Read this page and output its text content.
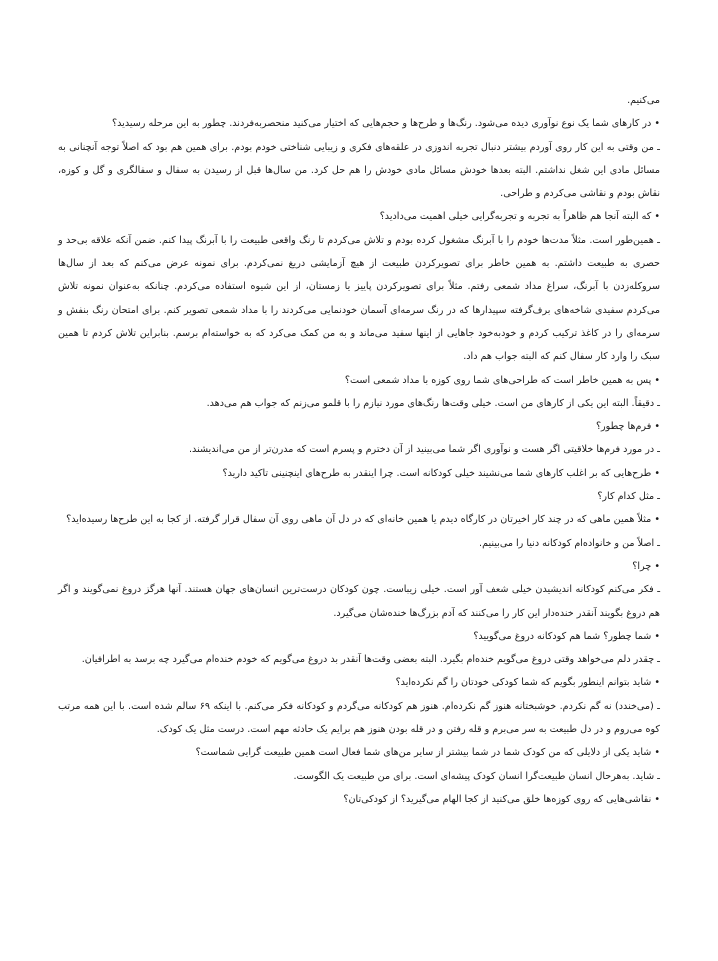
می‌کنیم.

• در کارهای شما یک نوع نوآوری دیده می‌شود. رنگ‌ها و طرح‌ها و حجم‌هایی که اختیار می‌کنید منحصربه‌فردند. چطور به این مرحله رسیدید؟

ـ من وقتی به این کار روی آوردم بیشتر دنبال تجربه اندوزی در علقه‌های فکری و زیبایی شناختی خودم بودم. برای همین هم بود که اصلاً توجه آنچنانی به مسائل مادی این شغل نداشتم. البته بعدها خودش مسائل مادی خودش را هم حل کرد. من سال‌ها قبل از رسیدن به سفال و سفالگری و گل و کوزه، نقاش بودم و نقاشی می‌کردم و طراحی.

• که البته آنجا هم ظاهراً به تجربه و تجربه‌گرایی خیلی اهمیت می‌دادید؟

ـ همین‌طور است. مثلاً مدت‌ها خودم را با آبرنگ مشغول کرده بودم و تلاش می‌کردم تا رنگ واقعی طبیعت را با آبرنگ پیدا کنم. ضمن آنکه علاقه بی‌حد و حصری به طبیعت داشتم. به همین خاطر برای تصویرکردن طبیعت از هیچ آزمایشی دریغ نمی‌کردم. برای نمونه عرض می‌کنم که بعد از سال‌ها سروکله‌زدن با آبرنگ، سراغ مداد شمعی رفتم. مثلاً برای تصویرکردن پاییز یا زمستان، از این شیوه استفاده می‌کردم. چنانکه به‌عنوان نمونه تلاش می‌کردم سفیدی شاخه‌های برف‌گرفته سپیدارها که در رنگ سرمه‌ای آسمان خودنمایی می‌کردند را با مداد شمعی تصویر کنم. برای امتحان رنگ بنفش و سرمه‌ای را در کاغذ ترکیب کردم و خودبه‌خود جاهایی از اینها سفید می‌ماند و به من کمک می‌کرد که به خواسته‌ام برسم. بنابراین تلاش کردم تا همین سبک را وارد کار سفال کنم که البته جواب هم داد.

• پس به همین خاطر است که طراحی‌های شما روی کوزه با مداد شمعی است؟

ـ دقیقاً. البته این یکی از کارهای من است. خیلی وقت‌ها رنگ‌های مورد نیازم را با قلمو می‌زنم که جواب هم می‌دهد.

• فرم‌ها چطور؟

ـ در مورد فرم‌ها خلاقیتی اگر هست و نوآوری اگر شما می‌بینید از آن دخترم و پسرم است که مدرن‌تر از من می‌اندیشند.

• طرح‌هایی که بر اغلب کارهای شما می‌نشیند خیلی کودکانه است. چرا اینقدر به طرح‌های اینچنینی تاکید دارید؟

ـ مثل کدام کار؟

• مثلاً همین ماهی که در چند کار اخیرتان در کارگاه دیدم یا همین خانه‌ای که در دل آن ماهی روی آن سفال قرار گرفته. از کجا به این طرح‌ها رسیده‌اید؟

ـ اصلاً من و خانواده‌ام کودکانه دنیا را می‌بینیم.

• چرا؟

ـ فکر می‌کنم کودکانه اندیشیدن خیلی شعف آور است. خیلی زیباست. چون کودکان درست‌ترین انسان‌های جهان هستند. آنها هرگز دروغ نمی‌گویند و اگر هم دروغ بگویند آنقدر خنده‌دار این کار را می‌کنند که آدم بزرگ‌ها خنده‌شان می‌گیرد.

• شما چطور؟ شما هم کودکانه دروغ می‌گویید؟

ـ چقدر دلم می‌خواهد وقتی دروغ می‌گویم خنده‌ام بگیرد. البته بعضی وقت‌ها آنقدر بد دروغ می‌گویم که خودم خنده‌ام می‌گیرد چه برسد به اطرافیان.

• شاید بتوانم اینطور بگویم که شما کودکی خودتان را گم نکرده‌اید؟

ـ (می‌خندد) نه گم نکردم. خوشبختانه هنوز گم نکرده‌ام. هنوز هم کودکانه می‌گردم و کودکانه فکر می‌کنم. با اینکه ۶۹ سالم شده است. با این همه مرتب کوه می‌روم و در دل طبیعت به سر می‌برم و قله رفتن و در قله بودن هنوز هم برایم یک حادثه مهم است. درست مثل یک کودک.

• شاید یکی از دلایلی که من کودک شما در شما بیشتر از سایر من‌های شما فعال است همین طبیعت گرایی شماست؟

ـ شاید. به‌هرحال انسان طبیعت‌گرا انسان کودک پیشه‌ای است. برای من طبیعت یک الگوست.

• نقاشی‌هایی که روی کوزه‌ها خلق می‌کنید از کجا الهام می‌گیرید؟ از کودکی‌تان؟
